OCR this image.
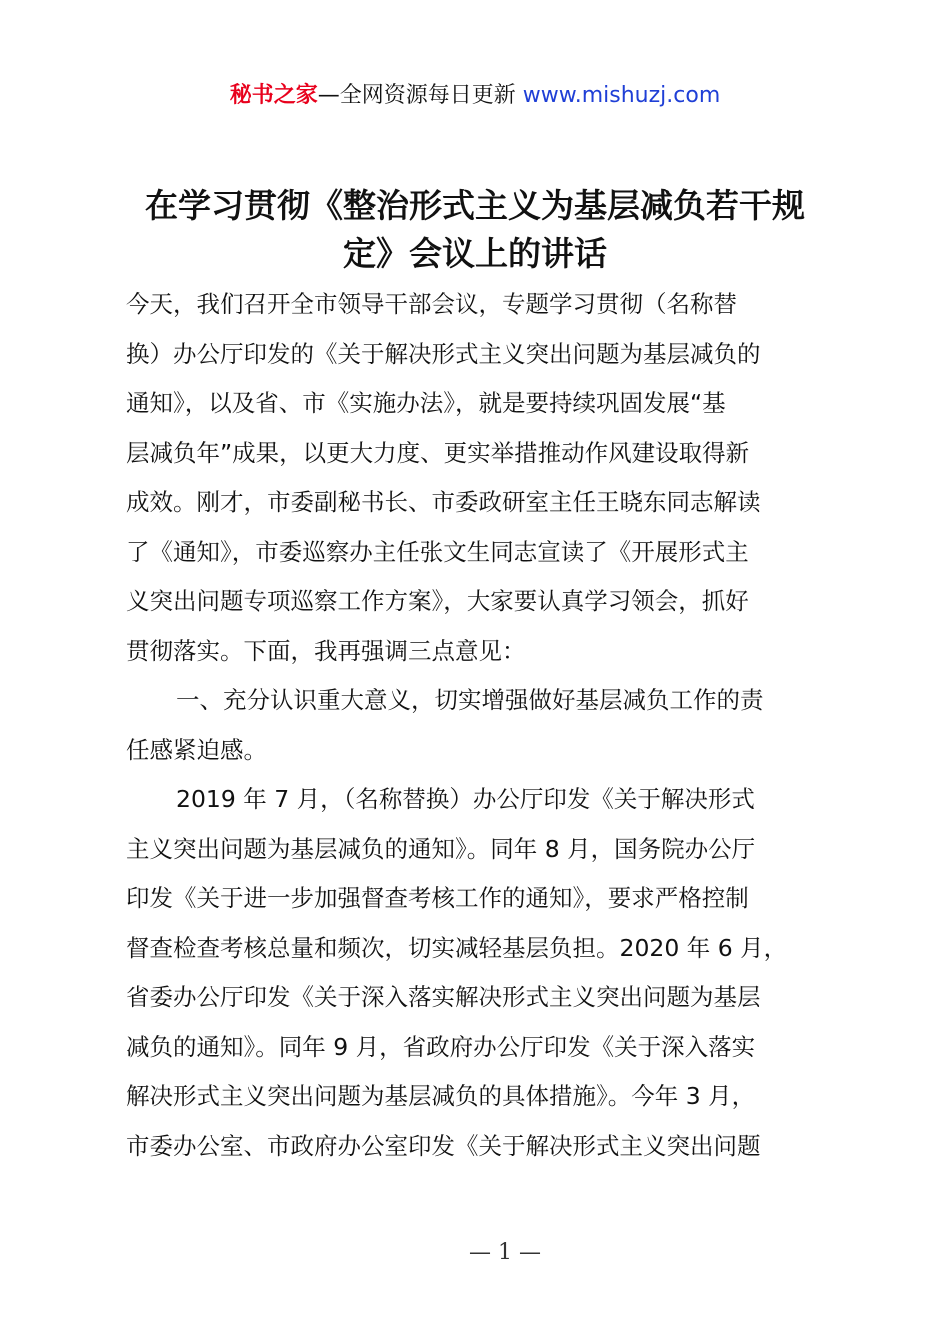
秘书之家—全网资源每日更新 www.mishuzj.com
在学习贯彻《整治形式主义为基层减负若干规
定》会议上的讲话
今天，我们召开全市领导干部会议，专题学习贯彻（名称替
换）办公厅印发的《关于解决形式主义突出问题为基层减负的
通知》，以及省、市《实施办法》，就是要持续巩固发展“基
层减负年”成果，以更大力度、更实举措推动作风建设取得新
成效。刚才，市委副秘书长、市委政研室主任王晓东同志解读
了《通知》，市委巡察办主任张文生同志宣读了《开展形式主
义突出问题专项巡察工作方案》，大家要认真学习领会，抓好
贯彻落实。下面，我再强调三点意见：
一、充分认识重大意义，切实增强做好基层减负工作的责
任感紧迫感。
2019 年 7 月，（名称替换）办公厅印发《关于解决形式
主义突出问题为基层减负的通知》。同年 8 月，国务院办公厅
印发《关于进一步加强督查考核工作的通知》，要求严格控制
督查检查考核总量和频次，切实减轻基层负担。2020 年 6 月，
省委办公厅印发《关于深入落实解决形式主义突出问题为基层
减负的通知》。同年 9 月，省政府办公厅印发《关于深入落实
解决形式主义突出问题为基层减负的具体措施》。今年 3 月，
市委办公室、市政府办公室印发《关于解决形式主义突出问题
— 1 —
